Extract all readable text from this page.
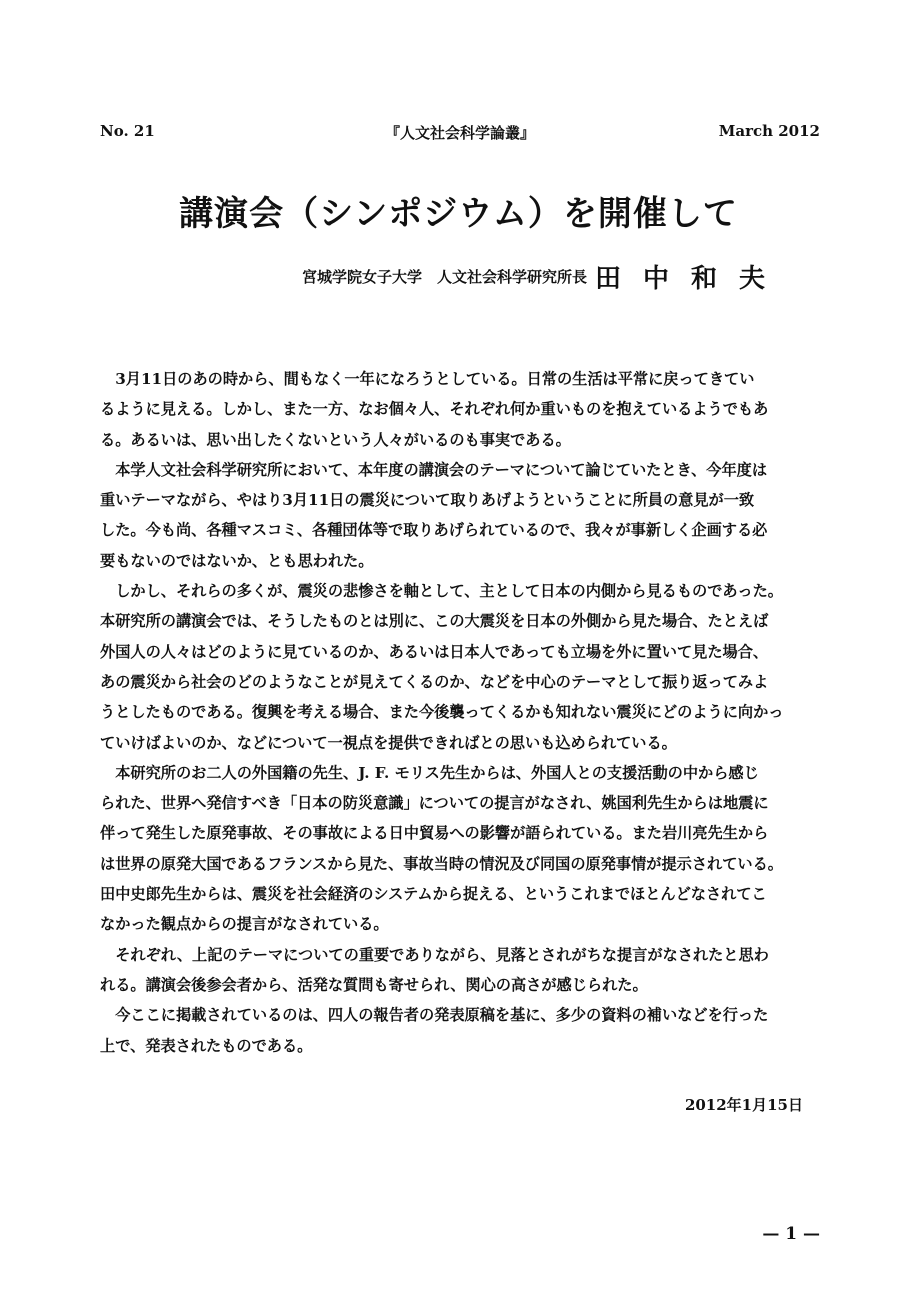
『人文社会科学論叢』
No. 21	March 2012
講演会（シンポジウム）を開催して
宮城学院女子大学　人文社会科学研究所長 田中和夫
　3月11日のあの時から、間もなく一年になろうとしている。日常の生活は平常に戻ってきてい
るように見える。しかし、また一方、なお個々人、それぞれ何か重いものを抱えているようでもあ
る。あるいは、思い出したくないという人々がいるのも事実である。
　本学人文社会科学研究所において、本年度の講演会のテーマについて論じていたとき、今年度は
重いテーマながら、やはり3月11日の震災について取りあげようということに所員の意見が一致
した。今も尚、各種マスコミ、各種団体等で取りあげられているので、我々が事新しく企画する必
要もないのではないか、とも思われた。
　しかし、それらの多くが、震災の悲惨さを軸として、主として日本の内側から見るものであった。
本研究所の講演会では、そうしたものとは別に、この大震災を日本の外側から見た場合、たとえば
外国人の人々はどのように見ているのか、あるいは日本人であっても立場を外に置いて見た場合、
あの震災から社会のどのようなことが見えてくるのか、などを中心のテーマとして振り返ってみよ
うとしたものである。復興を考える場合、また今後襲ってくるかも知れない震災にどのように向かっ
ていけばよいのか、などについて一視点を提供できればとの思いも込められている。
　本研究所のお二人の外国籍の先生、J. F. モリス先生からは、外国人との支援活動の中から感じ
られた、世界へ発信すべき「日本の防災意識」についての提言がなされ、姚国利先生からは地震に
伴って発生した原発事故、その事故による日中貿易への影響が語られている。また岩川亮先生から
は世界の原発大国であるフランスから見た、事故当時の情況及び同国の原発事情が提示されている。
田中史郎先生からは、震災を社会経済のシステムから捉える、というこれまでほとんどなされてこ
なかった観点からの提言がなされている。
　それぞれ、上記のテーマについての重要でありながら、見落とされがちな提言がなされたと思わ
れる。講演会後参会者から、活発な質問も寄せられ、関心の高さが感じられた。
　今ここに掲載されているのは、四人の報告者の発表原稿を基に、多少の資料の補いなどを行った
上で、発表されたものである。
2012年1月15日
— 1 —
